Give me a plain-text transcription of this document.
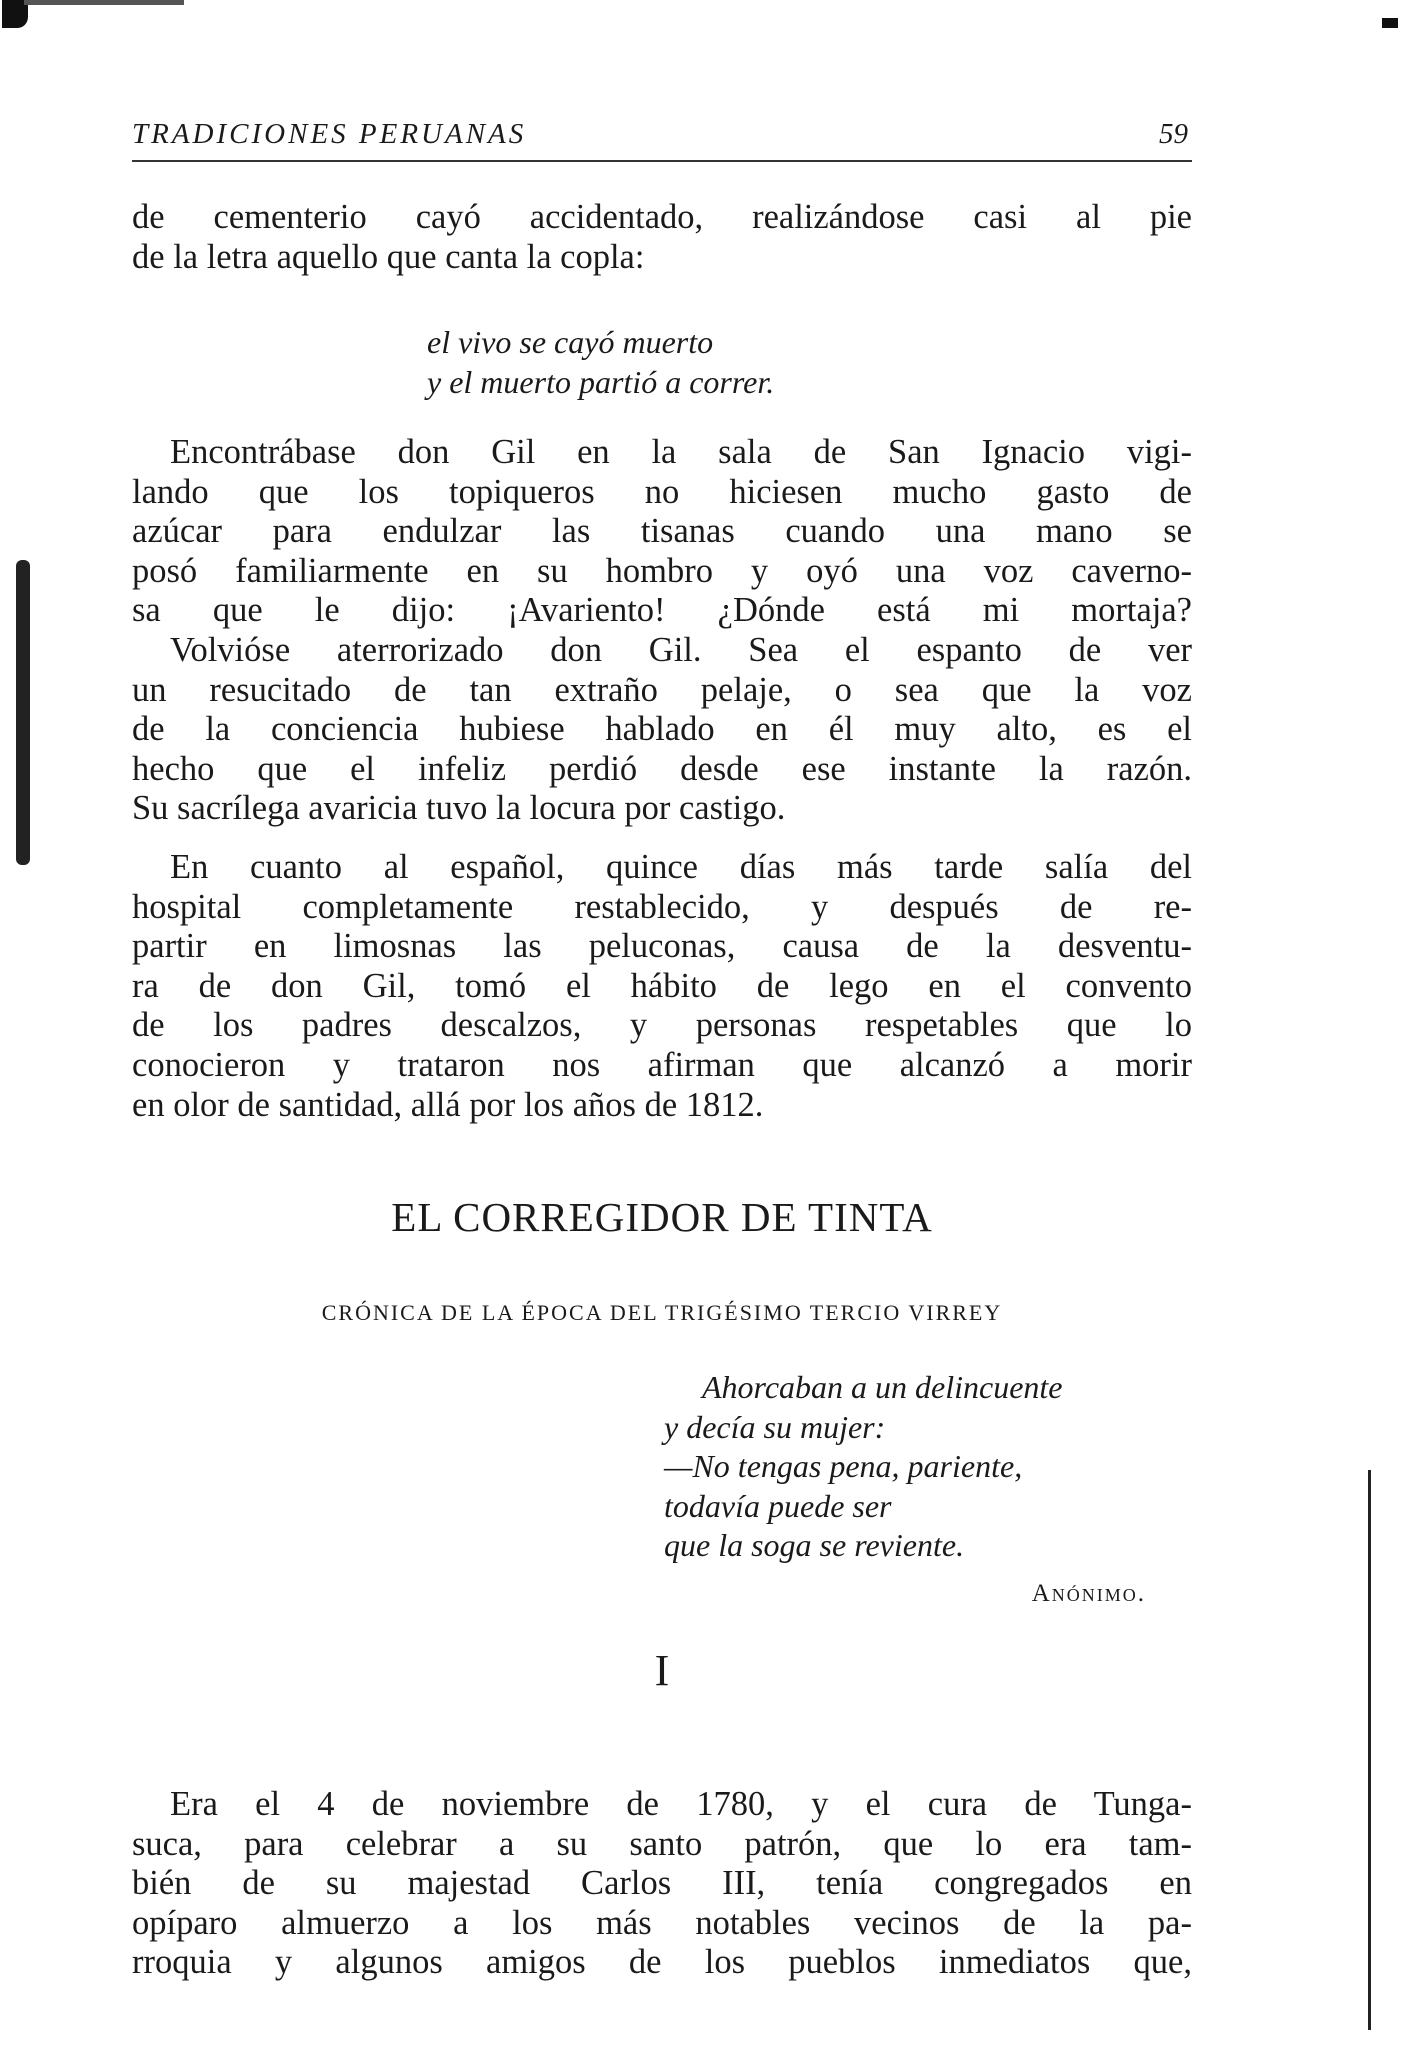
TRADICIONES PERUANAS	59
de cementerio cayó accidentado, realizándose casi al pie
de la letra aquello que canta la copla:
el vivo se cayó muerto
y el muerto partió a correr.
Encontrábase don Gil en la sala de San Ignacio vigi-
lando que los topiqueros no hiciesen mucho gasto de
azúcar para endulzar las tisanas cuando una mano se
posó familiarmente en su hombro y oyó una voz caverno-
sa que le dijo: ¡Avariento! ¿Dónde está mi mortaja?
Volvióse aterrorizado don Gil. Sea el espanto de ver
un resucitado de tan extraño pelaje, o sea que la voz
de la conciencia hubiese hablado en él muy alto, es el
hecho que el infeliz perdió desde ese instante la razón.
Su sacrílega avaricia tuvo la locura por castigo.
En cuanto al español, quince días más tarde salía del
hospital completamente restablecido, y después de re-
partir en limosnas las peluconas, causa de la desventu-
ra de don Gil, tomó el hábito de lego en el convento
de los padres descalzos, y personas respetables que lo
conocieron y trataron nos afirman que alcanzó a morir
en olor de santidad, allá por los años de 1812.
EL CORREGIDOR DE TINTA
CRÓNICA DE LA ÉPOCA DEL TRIGÉSIMO TERCIO VIRREY
Ahorcaban a un delincuente
y decía su mujer:
—No tengas pena, pariente,
todavía puede ser
que la soga se reviente.
Anónimo.
I
Era el 4 de noviembre de 1780, y el cura de Tunga-
suca, para celebrar a su santo patrón, que lo era tam-
bién de su majestad Carlos III, tenía congregados en
opíparo almuerzo a los más notables vecinos de la pa-
rroquia y algunos amigos de los pueblos inmediatos que,
